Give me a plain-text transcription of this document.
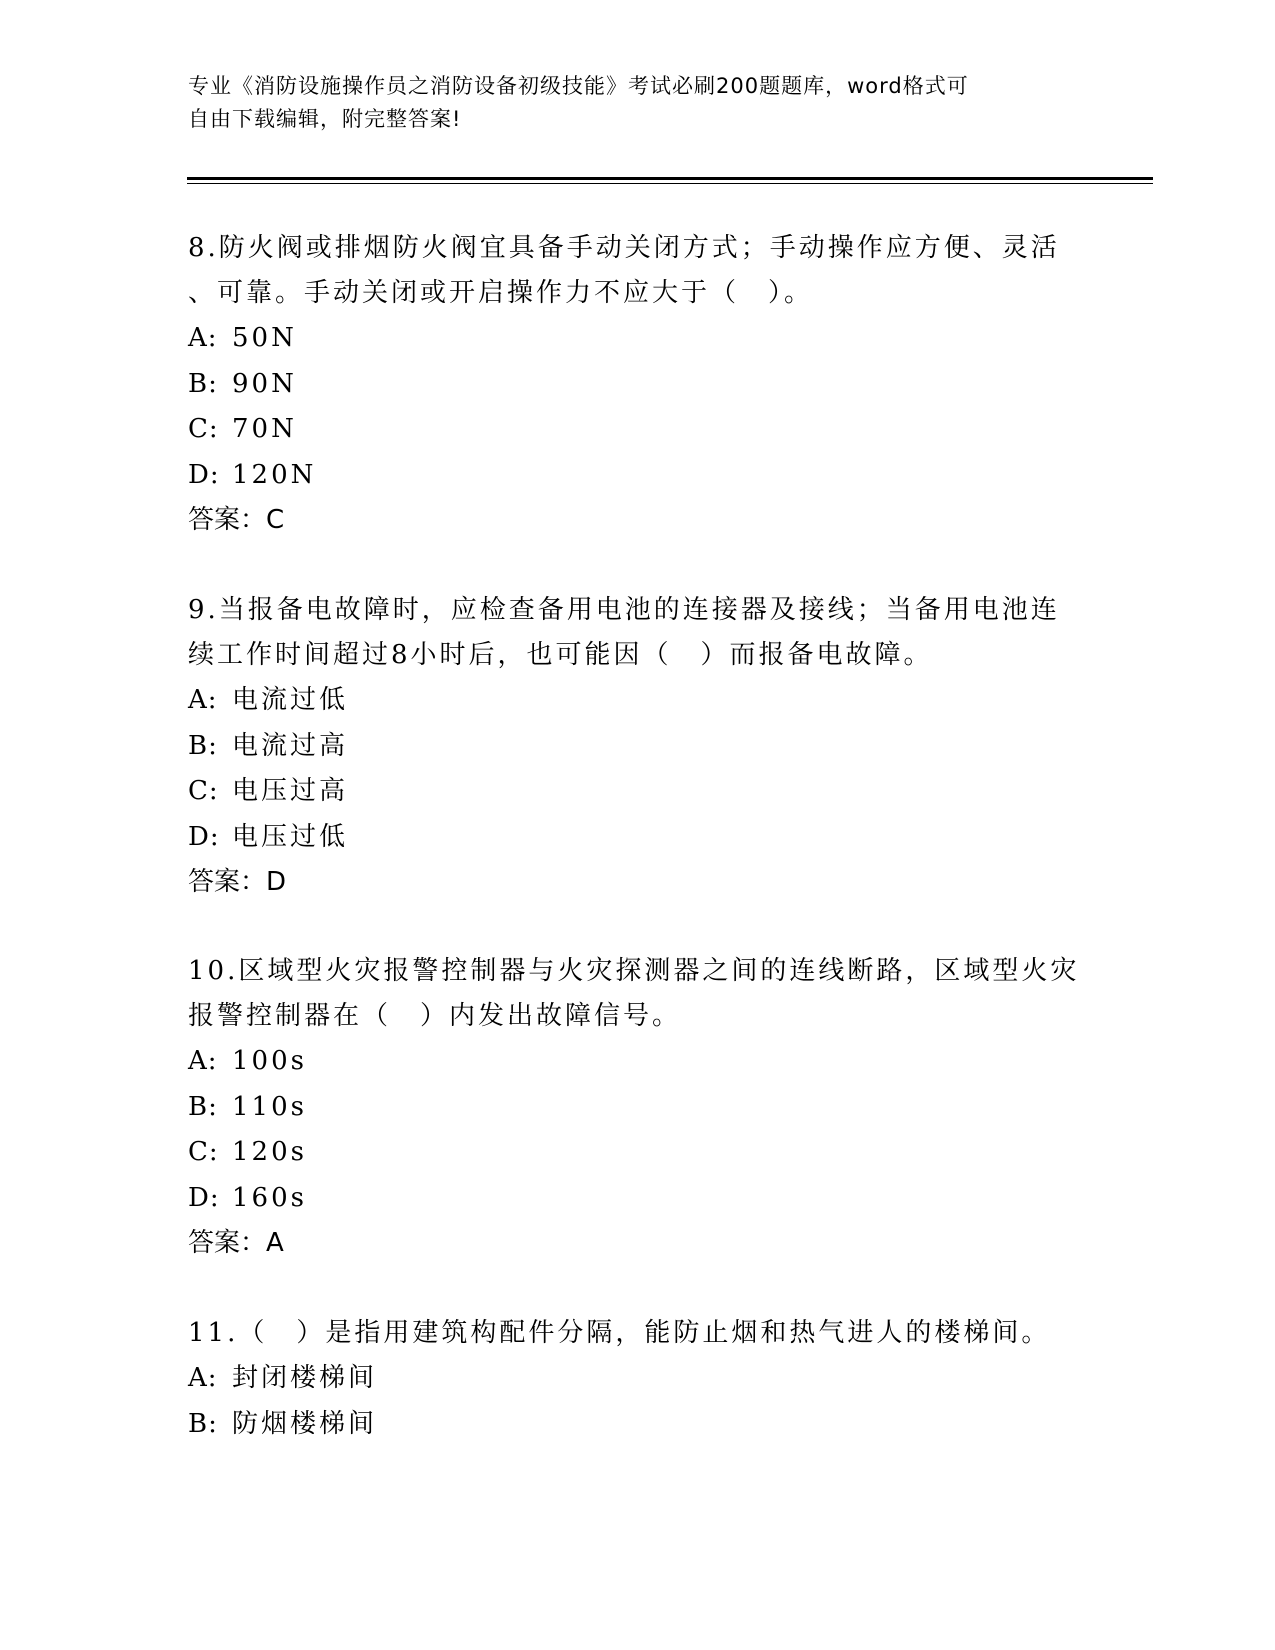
专业《消防设施操作员之消防设备初级技能》考试必刷200题题库，word格式可
自由下载编辑，附完整答案!
8.防火阀或排烟防火阀宜具备手动关闭方式；手动操作应方便、灵活
、可靠。手动关闭或开启操作力不应大于（　）。
A: 50N
B: 90N
C: 70N
D: 120N
答案：C
9.当报备电故障时，应检查备用电池的连接器及接线；当备用电池连
续工作时间超过8小时后，也可能因（　）而报备电故障。
A: 电流过低
B: 电流过高
C: 电压过高
D: 电压过低
答案：D
10.区域型火灾报警控制器与火灾探测器之间的连线断路，区域型火灾
报警控制器在（　）内发出故障信号。
A: 100s
B: 110s
C: 120s
D: 160s
答案：A
11.（　）是指用建筑构配件分隔，能防止烟和热气进人的楼梯间。
A: 封闭楼梯间
B: 防烟楼梯间
